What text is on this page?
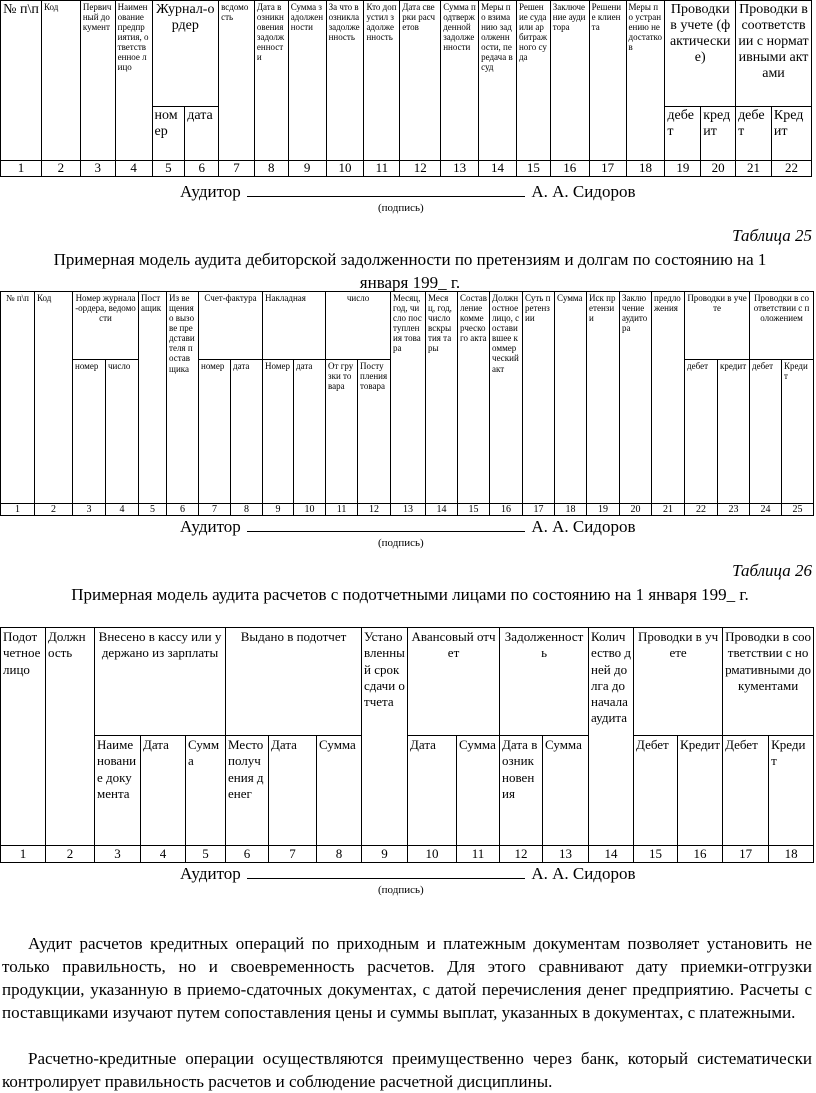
№ п\п	Код	Первичный документ	Наименование предприятия, ответственное лицо	Журнал-ордер		всдомость	Дата возникновения задолженности	Сумма задолженности	За что возникла задолженность	Кто допустил задолженность	Дата сверки расчетов	Сумма подтвержденной задолженности	Меры по взиманию задолженности, передача в суд	Решение суда или арбитражного суда	Заключение аудитора	Решение клиента	Меры по устранению недостатков	Проводки в учете (фактические)		Проводки в соответствии с нормативными актами	
				номер	дата													дебет	кредит	дебет	Кредит
1	2	3	4	5	6	7	8	9	10	11	12	13	14	15	16	17	18	19	20	21	22
Аудитор	А. А. Сидоров
(подпись)
Таблица 25
Примерная модель аудита дебиторской задолженности по претензиям и долгам по состоянию на 1 января 199_ г.
№ п\п	Код	Номер журнала-ордера, ведомости		Постащик	Из вещения о вызове представителя поставщика	Счет-фактура		Накладная		число		Месяц, год, число поступления товара	Месяц, год, число вскрытия тары	Составление коммерческого акта	Должностное лицо, составившее коммерческий акт	Суть претензии	Сумма	Иск претензии	Заключение аудитора	предложения	Проводки в учете		Проводки в соответствии с положением	
		номер	число			номер	дата	Номер	дата	От грузки товара	Поступления товара										дебет	кредит	дебет	Кредит
1	2	3	4	5	6	7	8	9	10	11	12	13	14	15	16	17	18	19	20	21	22	23	24	25
Аудитор	А. А. Сидоров
(подпись)
Таблица 26
Примерная модель аудита расчетов с подотчетными лицами по состоянию на 1 января 199_ г.
Подотчетное лицо	Должность	Внесено в кассу или удержано из зарплаты			Выдано в подотчет			Установленный срок сдачи отчета	Авансовый отчет		Задолженность		Количество дней долга до начала аудита	Проводки в учете		Проводки в соответствии с нормативными документами	
		Наименование документа	Дата	Сумма	Место получения денег	Дата	Сумма		Дата	Сумма	Дата возникновения	Сумма		Дебет	Кредит	Дебет	Кредит
1	2	3	4	5	6	7	8	9	10	11	12	13	14	15	16	17	18
Аудитор	А. А. Сидоров
(подпись)

Аудит расчетов кредитных операций по приходным и платежным документам позволяет установить не только правильность, но и своевременность расчетов. Для этого сравнивают дату приемки-отгрузки продукции, указанную в приемо-сдаточных документах, с датой перечисления денег предприятию. Расчеты с поставщиками изучают путем сопоставления цены и суммы выплат, указанных в документах, с платежными.

Расчетно-кредитные операции осуществляются преимущественно через банк, который систематически контролирует правильность расчетов и соблюдение расчетной дисциплины.
